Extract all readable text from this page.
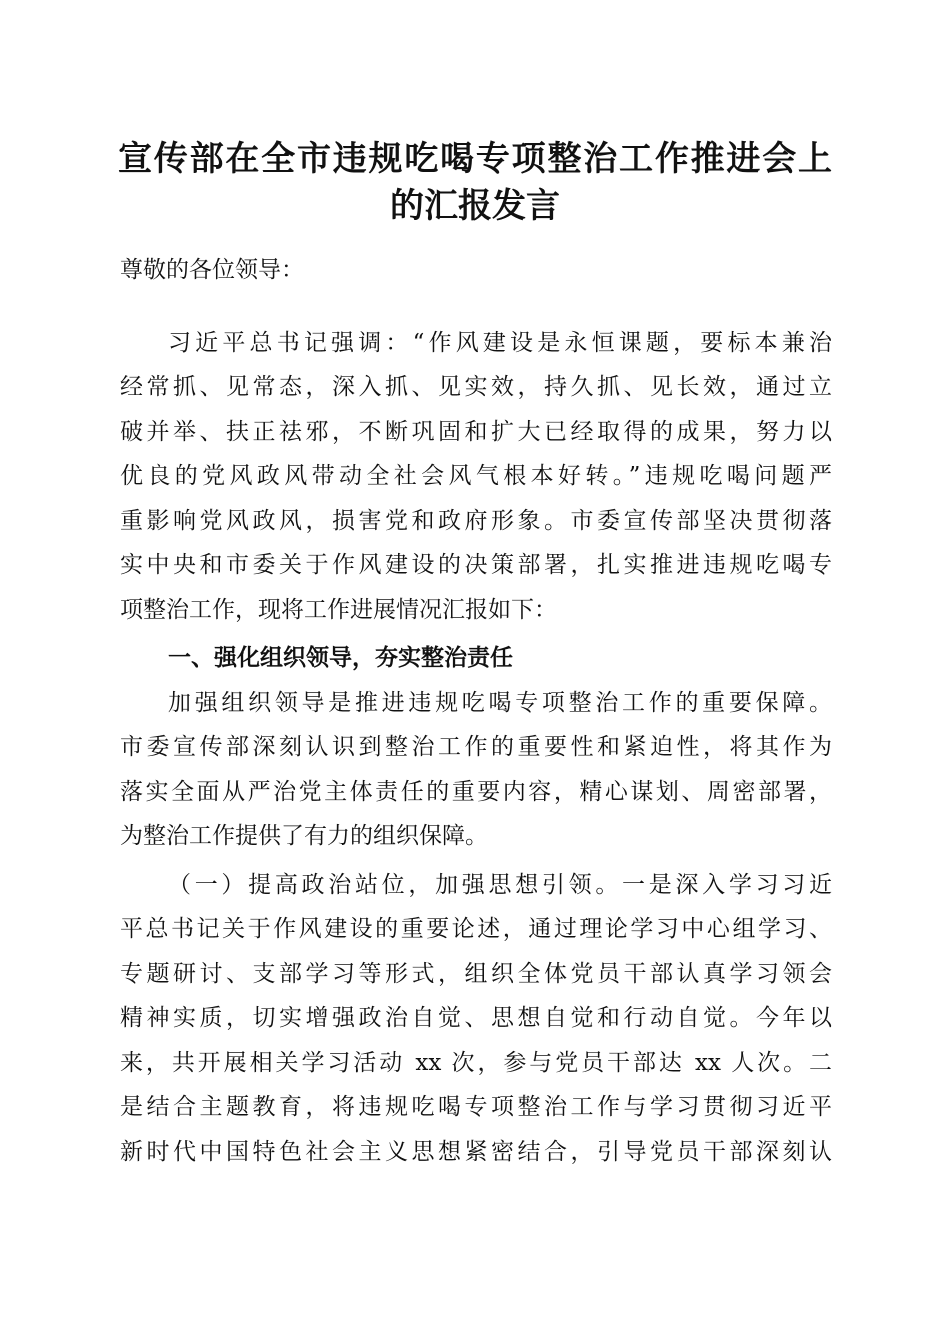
宣传部在全市违规吃喝专项整治工作推进会上
的汇报发言
尊敬的各位领导：
习近平总书记强调：“作风建设是永恒课题，要标本兼治
经常抓、见常态，深入抓、见实效，持久抓、见长效，通过立
破并举、扶正祛邪，不断巩固和扩大已经取得的成果，努力以
优良的党风政风带动全社会风气根本好转。”违规吃喝问题严
重影响党风政风，损害党和政府形象。市委宣传部坚决贯彻落
实中央和市委关于作风建设的决策部署，扎实推进违规吃喝专
项整治工作，现将工作进展情况汇报如下：
一、强化组织领导，夯实整治责任
加强组织领导是推进违规吃喝专项整治工作的重要保障。
市委宣传部深刻认识到整治工作的重要性和紧迫性，将其作为
落实全面从严治党主体责任的重要内容，精心谋划、周密部署，
为整治工作提供了有力的组织保障。
（一）提高政治站位，加强思想引领。一是深入学习习近
平总书记关于作风建设的重要论述，通过理论学习中心组学习、
专题研讨、支部学习等形式，组织全体党员干部认真学习领会
精神实质，切实增强政治自觉、思想自觉和行动自觉。今年以
来，共开展相关学习活动 xx 次，参与党员干部达 xx 人次。二
是结合主题教育，将违规吃喝专项整治工作与学习贯彻习近平
新时代中国特色社会主义思想紧密结合，引导党员干部深刻认
